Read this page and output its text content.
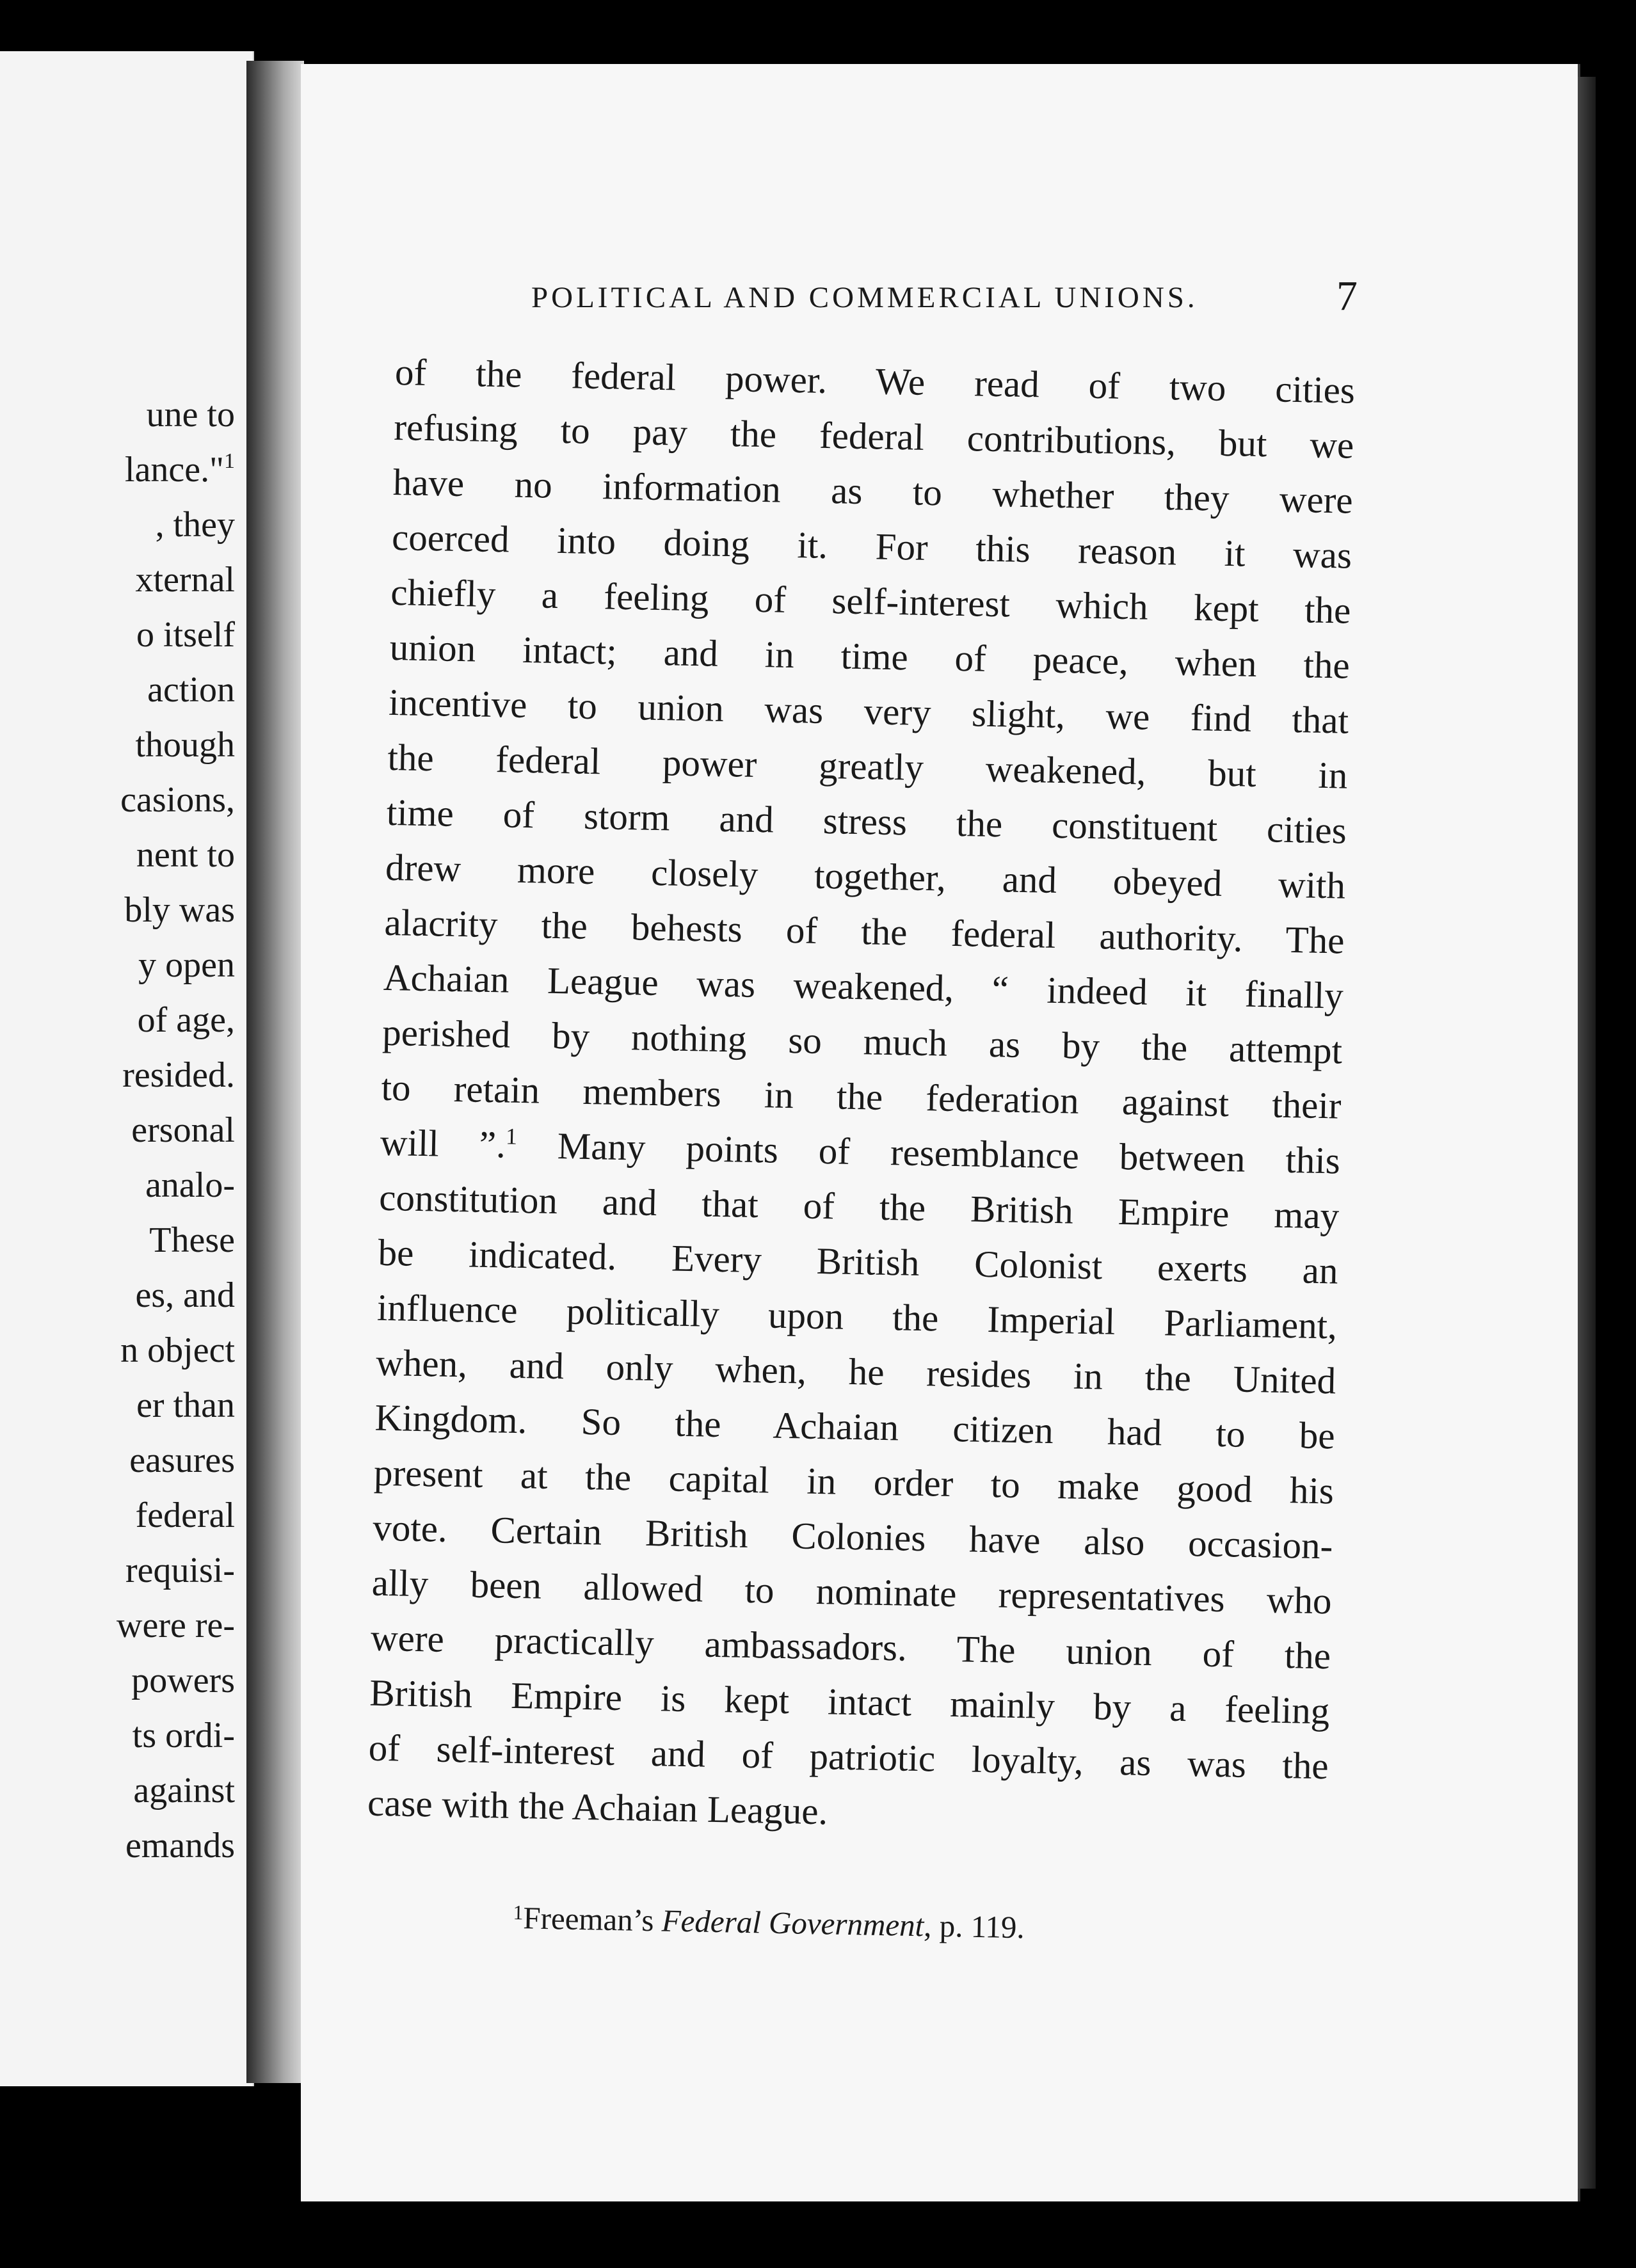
une to
lance."$^1$
, they
xternal
o itself
action
though
casions,
nent to
bly was
y open
of age,
resided.
ersonal
analo-
These
es, and
n object
er than
easures
federal
requisi-
were re-
powers
ts ordi-
against
emands
POLITICAL AND COMMERCIAL UNIONS.	7
of the federal power. We read of two cities
refusing to pay the federal contributions, but we
have no information as to whether they were
coerced into doing it. For this reason it was
chiefly a feeling of self-interest which kept the
union intact; and in time of peace, when the
incentive to union was very slight, we find that
the federal power greatly weakened, but in
time of storm and stress the constituent cities
drew more closely together, and obeyed with
alacrity the behests of the federal authority. The
Achaian League was weakened, “ indeed it finally
perished by nothing so much as by the attempt
to retain members in the federation against their
will ”.$^1$ Many points of resemblance between this
constitution and that of the British Empire may
be indicated. Every British Colonist exerts an
influence politically upon the Imperial Parliament,
when, and only when, he resides in the United
Kingdom. So the Achaian citizen had to be
present at the capital in order to make good his
vote. Certain British Colonies have also occasion-
ally been allowed to nominate representatives who
were practically ambassadors. The union of the
British Empire is kept intact mainly by a feeling
of self-interest and of patriotic loyalty, as was the
case with the Achaian League.
$^1$Freeman’s Federal Government, p. 119.
